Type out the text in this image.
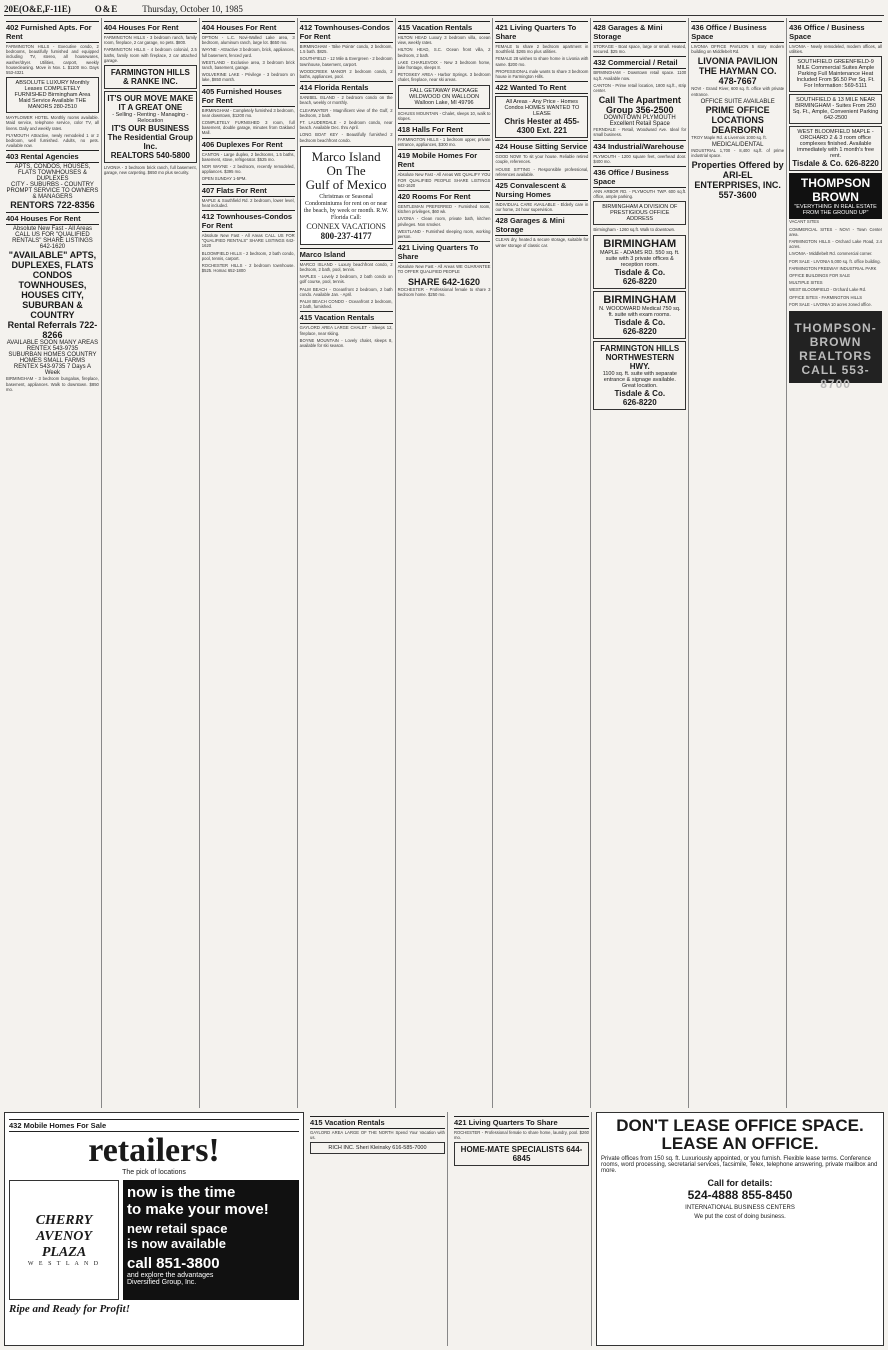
20E(O&E,F-11E)	O&E	Thursday, October 10, 1985
402 Furnished Apts. For Rent
FARMINGTON HILLS - Executive condo, 2 bedrooms, beautifully furnished and equipped including TV, stereo, all housewares, washer/dryer. Utilities, carport, weekly housecleaning. Move in Nov. 1. $1100 mo. Days 553-4321
ABSOLUTE LUXURY Monthly Leases COMPLETELY FURNISHED Birmingham Area Maid Service Available THE MANORS 280-2510
MAYFLOWER HOTEL Monthly rooms available. Maid service, telephone service, color TV, all linens. Daily and weekly rates.
PLYMOUTH Attractive, newly remodeled 1 or 2 bedroom, well furnished. Adults, no pets. Available now.
403 Rental Agencies
APTS, CONDOS, HOUSES, FLATS TOWNHOUSES & DUPLEXES
CITY - SUBURBS - COUNTRY PROMPT SERVICE TO OWNERS & MANAGERS
RENTORS 722-8356
404 Houses For Rent
Absolute New Fast - All Areas CALL US FOR "QUALIFIED RENTALS" SHARE LISTINGS 642-1620
"AVAILABLE" APTS, DUPLEXES, FLATS CONDOS TOWNHOUSES, HOUSES CITY, SUBURBAN & COUNTRY
Rental Referrals 722-8266
AVAILABLE SOON MANY AREAS RENTEX 543-9735
SUBURBAN HOMES COUNTRY HOMES SMALL FARMS
RENTEX 543-9735 7 Days A Week
BIRMINGHAM - 3 bedroom bungalow, fireplace, basement, appliances. Walk to downtown. $850 mo.
404 Houses For Rent
FARMINGTON HILLS - 3 bedroom ranch, family room, fireplace, 2 car garage, no pets. $800.
FARMINGTON HILLS - 4 bedroom colonial, 2.5 baths, family room with fireplace, 2 car attached garage.
FARMINGTON HILLS & RANKE INC.
IT'S OUR MOVE MAKE IT A GREAT ONE
- Selling - Renting - Managing - Relocation
IT'S OUR BUSINESS The Residential Group Inc.
REALTORS 540-5800
LIVONIA - 3 bedroom brick ranch, full basement, garage, new carpeting. $650 mo plus security.
404 Houses For Rent
OPTION - L.C. Novi-Walled Lake area, 3 bedroom, aluminum ranch, large lot. $650 mo.
WAYNE - Attractive 3 bedroom, brick, appliances, full basement, fenced yard.
WESTLAND - Exclusive area, 3 bedroom brick ranch, basement, garage.
WOLVERINE LAKE - Privilege - 3 bedroom on lake, $850 month.
405 Furnished Houses For Rent
BIRMINGHAM - Completely furnished 3 bedroom, near downtown, $1200 mo.
COMPLETELY FURNISHED 3 room, full basement, double garage, minutes from Oakland Mall.
406 Duplexes For Rent
CANTON - Large duplex, 2 bedrooms, 1.5 baths, basement, stove, refrigerator. $525 mo.
NOR WAYNE - 2 bedroom, recently remodeled, appliances. $395 mo.
OPEN SUNDAY 1-5PM.
407 Flats For Rent
MAPLE & Southfield Rd. 2 bedroom, lower level, heat included.
412 Townhouses-Condos For Rent
Absolute New Fast - All Areas CALL US FOR "QUALIFIED RENTALS" SHARE LISTINGS 642-1620
BLOOMFIELD HILLS - 2 bedroom, 2 bath condo, pool, tennis, carport.
ROCHESTER HILLS - 2 bedroom townhouse. $525. Homac 652-1800
412 Townhouses-Condos For Rent
BIRMINGHAM - 'Bike Pointe' condo, 2 bedroom, 1.5 bath. $825.
SOUTHFIELD - 12 Mile & Evergreen - 2 bedroom townhouse, basement, carport.
WOODCREEK MANOR 2 bedroom condo, 2 baths, appliances, pool.
414 Florida Rentals
SANIBEL ISLAND - 2 bedroom condo on the beach, weekly or monthly.
CLEARWATER - Magnificent view of the Gulf, 2 bedroom, 2 bath.
FT. LAUDERDALE - 2 bedroom condo, near beach. Available Dec. thru April.
LONG BOAT KEY - Beautifully furnished 2 bedroom beachfront condo.
Marco Island
On The
Gulf of Mexico
Christmas or Seasonal Condominiums for rent on or near the beach, by week or month. R.W. Florida Call:
CONNEX VACATIONS
800-237-4177
Marco Island
MARCO ISLAND - Luxury beachfront condo, 2 bedroom, 2 bath, pool, tennis.
NAPLES - Lovely 2 bedroom, 2 bath condo on golf course, pool, tennis.
PALM BEACH - Oceanfront 2 bedroom, 2 bath condo. Available Jan. - April.
PALM BEACH CONDO - Oceanfront 2 bedroom, 2 bath, furnished.
415 Vacation Rentals
GAYLORD AREA LARGE CHALET - Sleeps 12, fireplace, near skiing.
BOYNE MOUNTAIN - Lovely chalet, sleeps 8, available for ski season.
415 Vacation Rentals
HILTON HEAD Luxury 3 bedroom villa, ocean view, weekly rates.
HILTON HEAD, S.C. Ocean front villa, 2 bedroom, 2 bath.
LAKE CHARLEVOIX - New 3 bedroom home, lake frontage, sleeps 8.
PETOSKEY AREA - Harbor Springs. 3 bedroom chalet, fireplace, near ski areas.
FALL GETAWAY PACKAGE WILDWOOD ON WALLOON Walloon Lake, MI 49796
SCHUSS MOUNTAIN - Chalet, sleeps 10, walk to slopes.
418 Halls For Rent
FARMINGTON HILLS - 1 bedroom upper, private entrance, appliances, $300 mo.
419 Mobile Homes For Rent
Absolute New Fast - All Areas WE QUALIFY YOU FOR QUALIFIED PEOPLE SHARE LISTINGS 642-1620
420 Rooms For Rent
GENTLEMAN PREFERRED - Furnished room, kitchen privileges, $60 wk.
LIVONIA - Clean room, private bath, kitchen privileges. Non smoker.
WESTLAND - Furnished sleeping room, working person.
421 Living Quarters To Share
Absolute New Fast - All Areas WE GUARANTEE TO OFFER QUALIFIED PEOPLE
SHARE 642-1620
ROCHESTER - Professional female to share 3 bedroom home. $250 mo.
421 Living Quarters To Share
FEMALE to share 2 bedroom apartment in Southfield. $265 mo plus utilities.
FEMALE 28 wishes to share home in Livonia with same. $200 mo.
PROFESSIONAL male wants to share 3 bedroom house in Farmington Hills.
422 Wanted To Rent
All Areas - Any Price - Homes Condos HOMES WANTED TO LEASE
Chris Hester at 455-4300 Ext. 221
424 House Sitting Service
GOOD NOW! To sit your house. Reliable retired couple, references.
HOUSE SITTING - Responsible professional, references available.
425 Convalescent & Nursing Homes
INDIVIDUAL CARE AVAILABLE - Elderly care in our home, 24 hour supervision.
428 Garages & Mini Storage
CLEAN dry, heated & secure storage, suitable for winter storage of classic car.
428 Garages & Mini Storage
STORAGE - Boat space, large or small. Heated, secured. $25 mo.
432 Commercial / Retail
BIRMINGHAM - Downtown retail space. 1100 sq.ft. Available now.
CANTON - Prime retail location, 1800 sq.ft., strip center.
Call The Apartment Group 356-2500
DOWNTOWN PLYMOUTH Excellent Retail Space
FERNDALE - Retail, Woodward Ave. Ideal for small business.
434 Industrial/Warehouse
PLYMOUTH - 1200 square feet, overhead door. $400 mo.
436 Office / Business Space
ANN ARBOR RD. - PLYMOUTH TWP. 600 sq.ft. office, ample parking.
BIRMINGHAM A DIVISION OF PRESTIGIOUS OFFICE ADDRESS
Birmingham - 1260 sq.ft. Walk to downtown.
BIRMINGHAM
MAPLE - ADAMS RD. 550 sq. ft. suite with 3 private offices & reception room.
Tisdale & Co.
626-8220
BIRMINGHAM
N. WOODWARD Medical 750 sq. ft. suite with exam rooms.
Tisdale & Co.
626-8220
FARMINGTON HILLS NORTHWESTERN HWY.
1100 sq. ft. suite with separate entrance & signage available. Great location.
Tisdale & Co.
626-8220
436 Office / Business Space
LIVONIA OFFICE PAVILION 5 story modern building on Middlebelt Rd.
LIVONIA PAVILION
THE HAYMAN CO. 478-7667
NOVI - Grand River, 600 sq. ft. office with private entrance.
OFFICE SUITE AVAILABLE
PRIME OFFICE LOCATIONS DEARBORN
TROY Maple Rd. & Livernois 1000 sq. ft.
MEDICAL/DENTAL
INDUSTRIAL 1,700 - 8,400 sq.ft. of prime industrial space.
Properties Offered by ARI-EL ENTERPRISES, INC. 557-3600
436 Office / Business Space
LIVONIA - Newly remodeled, modern offices, all utilities.
SOUTHFIELD GREENFIELD-9 MILE Commercial Suites Ample Parking Full Maintenance Heat Included From $6.50 Per Sq. Ft. For Information: 569-5111
SOUTHFIELD & 13 MILE NEAR BIRMINGHAM - Suites From 250 Sq. Ft., Ample, Convenient Parking 642-2500
WEST BLOOMFIELD MAPLE - ORCHARD 2 & 3 room office complexes finished. Available immediately with 1 month's free rent.
Tisdale & Co. 626-8220
THOMPSON BROWN
"EVERYTHING IN REAL ESTATE FROM THE GROUND UP"
VACANT SITES
COMMERCIAL SITES - NOVI - Town Center area.
FARMINGTON HILLS - Orchard Lake Road, 2.4 acres.
LIVONIA - Middlebelt Rd. commercial corner.
FOR SALE - LIVONIA 5,000 sq. ft. office building.
FARMINGTON FREEWAY INDUSTRIAL PARK
OFFICE BUILDINGS FOR SALE
MULTIPLE SITES
WEST BLOOMFIELD - Orchard Lake Rd.
OFFICE SITES - FARMINGTON HILLS
FOR SALE - LIVONIA 10 acres zoned office.
THOMPSON-BROWN REALTORS CALL 553-8700
432 Mobile Homes For Sale
retailers!
The pick of locations
CHERRY
AVENOY
PLAZA
W E S T L A N D
now is the time
to make your move!
new retail space
is now available
call 851-3800
and explore the advantages
Diversified Group, Inc.
Ripe and Ready for Profit!
415 Vacation Rentals
GAYLORD AREA LARGE OF THE NORTH Spend Your Vacation with us.
RICH INC. Sheri Kleinsky 616-585-7000
421 Living Quarters To Share
ROCHESTER - Professional female to share home, laundry, pool. $260 mo.
HOME-MATE SPECIALISTS 644-6845
DON'T LEASE OFFICE SPACE.
LEASE AN OFFICE.
Private offices from 150 sq. ft. Luxuriously appointed, or you furnish. Flexible lease terms. Conference rooms, word processing, secretarial services, facsimile, Telex, telephone answering, private mailbox and more.
Call for details:
524-4888 855-8450
INTERNATIONAL BUSINESS CENTERS
We put the cost of doing business.
